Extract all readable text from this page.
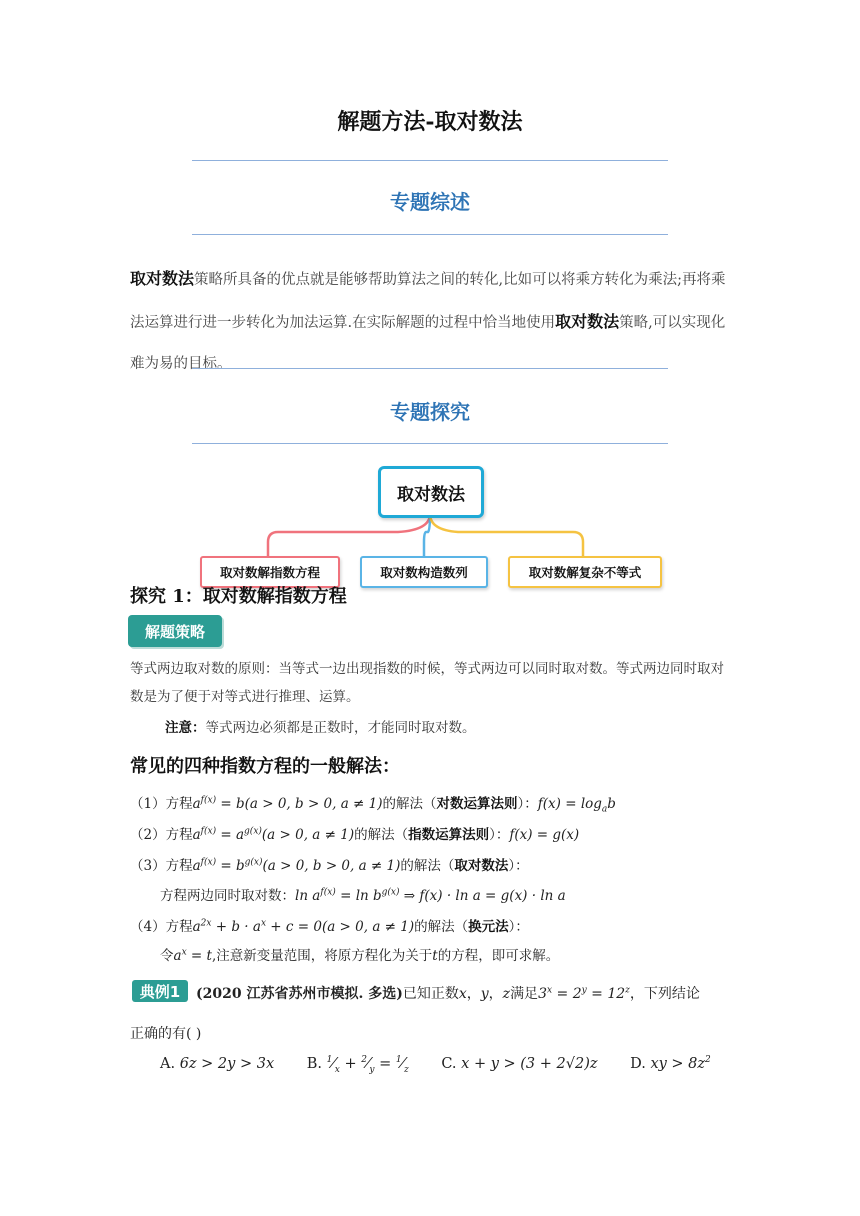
解题方法-取对数法
专题综述
取对数法策略所具备的优点就是能够帮助算法之间的转化,比如可以将乘方转化为乘法;再将乘法运算进行进一步转化为加法运算.在实际解题的过程中恰当地使用取对数法策略,可以实现化难为易的目标。
专题探究
取对数法
取对数解指数方程	取对数构造数列	取对数解复杂不等式
探究 1：取对数解指数方程
解题策略
等式两边取对数的原则：当等式一边出现指数的时候，等式两边可以同时取对数。等式两边同时取对数是为了便于对等式进行推理、运算。
注意：等式两边必须都是正数时，才能同时取对数。
常见的四种指数方程的一般解法：
（1）方程$a^{f(x)} = b(a > 0$, b > 0, a ≠ 1)的解法（对数运算法则）：$f(x) = \log_ab$
（2）方程$a^{f(x)} = a^{g(x)}(a > 0$, a ≠ 1)的解法（指数运算法则）：f(x) = g(x)
（3）方程$a^{f(x)} = b^{g(x)}(a > 0$, b > 0, a ≠ 1)的解法（取对数法）：
方程两边同时取对数：$\ln a^{f(x)} = \ln b^{g(x)}$ ⇒ f(x) · ln a = g(x) · ln a
（4）方程$a^{2x} + b \cdot a^x + c = 0(a > 0$, a ≠ 1)的解法（换元法）：
令$a^x = t$,注意新变量范围，将原方程化为关于t的方程，即可求解。
典例1	(2020 江苏省苏州市模拟. 多选)已知正数x，y，z满足$3^x = 2^y = 12^z$，下列结论
正确的有( )
A. 6z > 2y > 3x B. $^1⁄_x$ + $^2⁄_y$ = $^1⁄_z$ C. x + y > (3 + 2√2)z D. xy > $8z^2$
